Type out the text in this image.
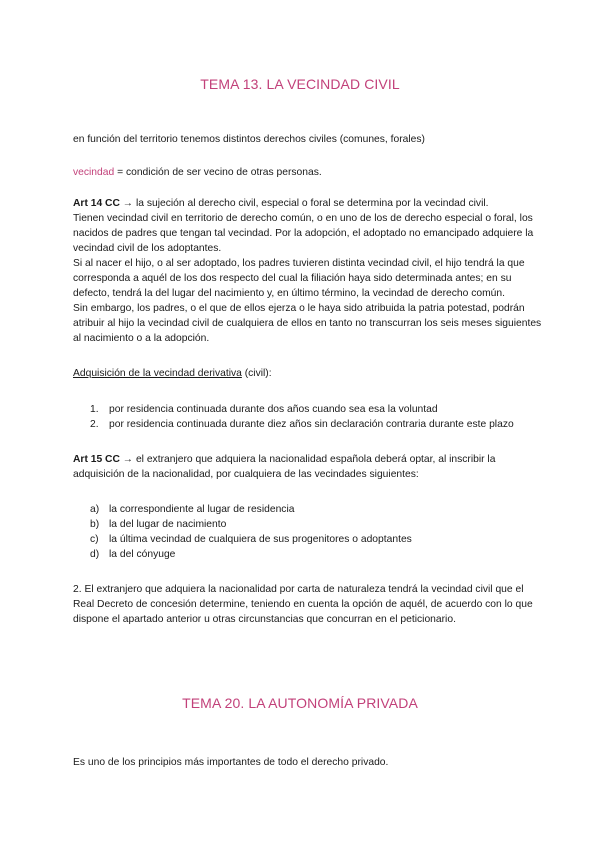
TEMA 13. LA VECINDAD CIVIL
en función del territorio tenemos distintos derechos civiles (comunes, forales)
vecindad = condición de ser vecino de otras personas.
Art 14 CC → la sujeción al derecho civil, especial o foral se determina por la vecindad civil.
Tienen vecindad civil en territorio de derecho común, o en uno de los de derecho especial o foral, los
nacidos de padres que tengan tal vecindad. Por la adopción, el adoptado no emancipado adquiere la
vecindad civil de los adoptantes.
Si al nacer el hijo, o al ser adoptado, los padres tuvieren distinta vecindad civil, el hijo tendrá la que
corresponda a aquél de los dos respecto del cual la filiación haya sido determinada antes; en su
defecto, tendrá la del lugar del nacimiento y, en último término, la vecindad de derecho común.
Sin embargo, los padres, o el que de ellos ejerza o le haya sido atribuida la patria potestad, podrán
atribuir al hijo la vecindad civil de cualquiera de ellos en tanto no transcurran los seis meses siguientes
al nacimiento o a la adopción.
Adquisición de la vecindad derivativa (civil):
1.	por residencia continuada durante dos años cuando sea esa la voluntad
2.	por residencia continuada durante diez años sin declaración contraria durante este plazo
Art 15 CC → el extranjero que adquiera la nacionalidad española deberá optar, al inscribir la
adquisición de la nacionalidad, por cualquiera de las vecindades siguientes:
a) la correspondiente al lugar de residencia
b) la del lugar de nacimiento
c)	la última vecindad de cualquiera de sus progenitores o adoptantes
d) la del cónyuge
2. El extranjero que adquiera la nacionalidad por carta de naturaleza tendrá la vecindad civil que el
Real Decreto de concesión determine, teniendo en cuenta la opción de aquél, de acuerdo con lo que
dispone el apartado anterior u otras circunstancias que concurran en el peticionario.
TEMA 20. LA AUTONOMÍA PRIVADA
Es uno de los principios más importantes de todo el derecho privado.
